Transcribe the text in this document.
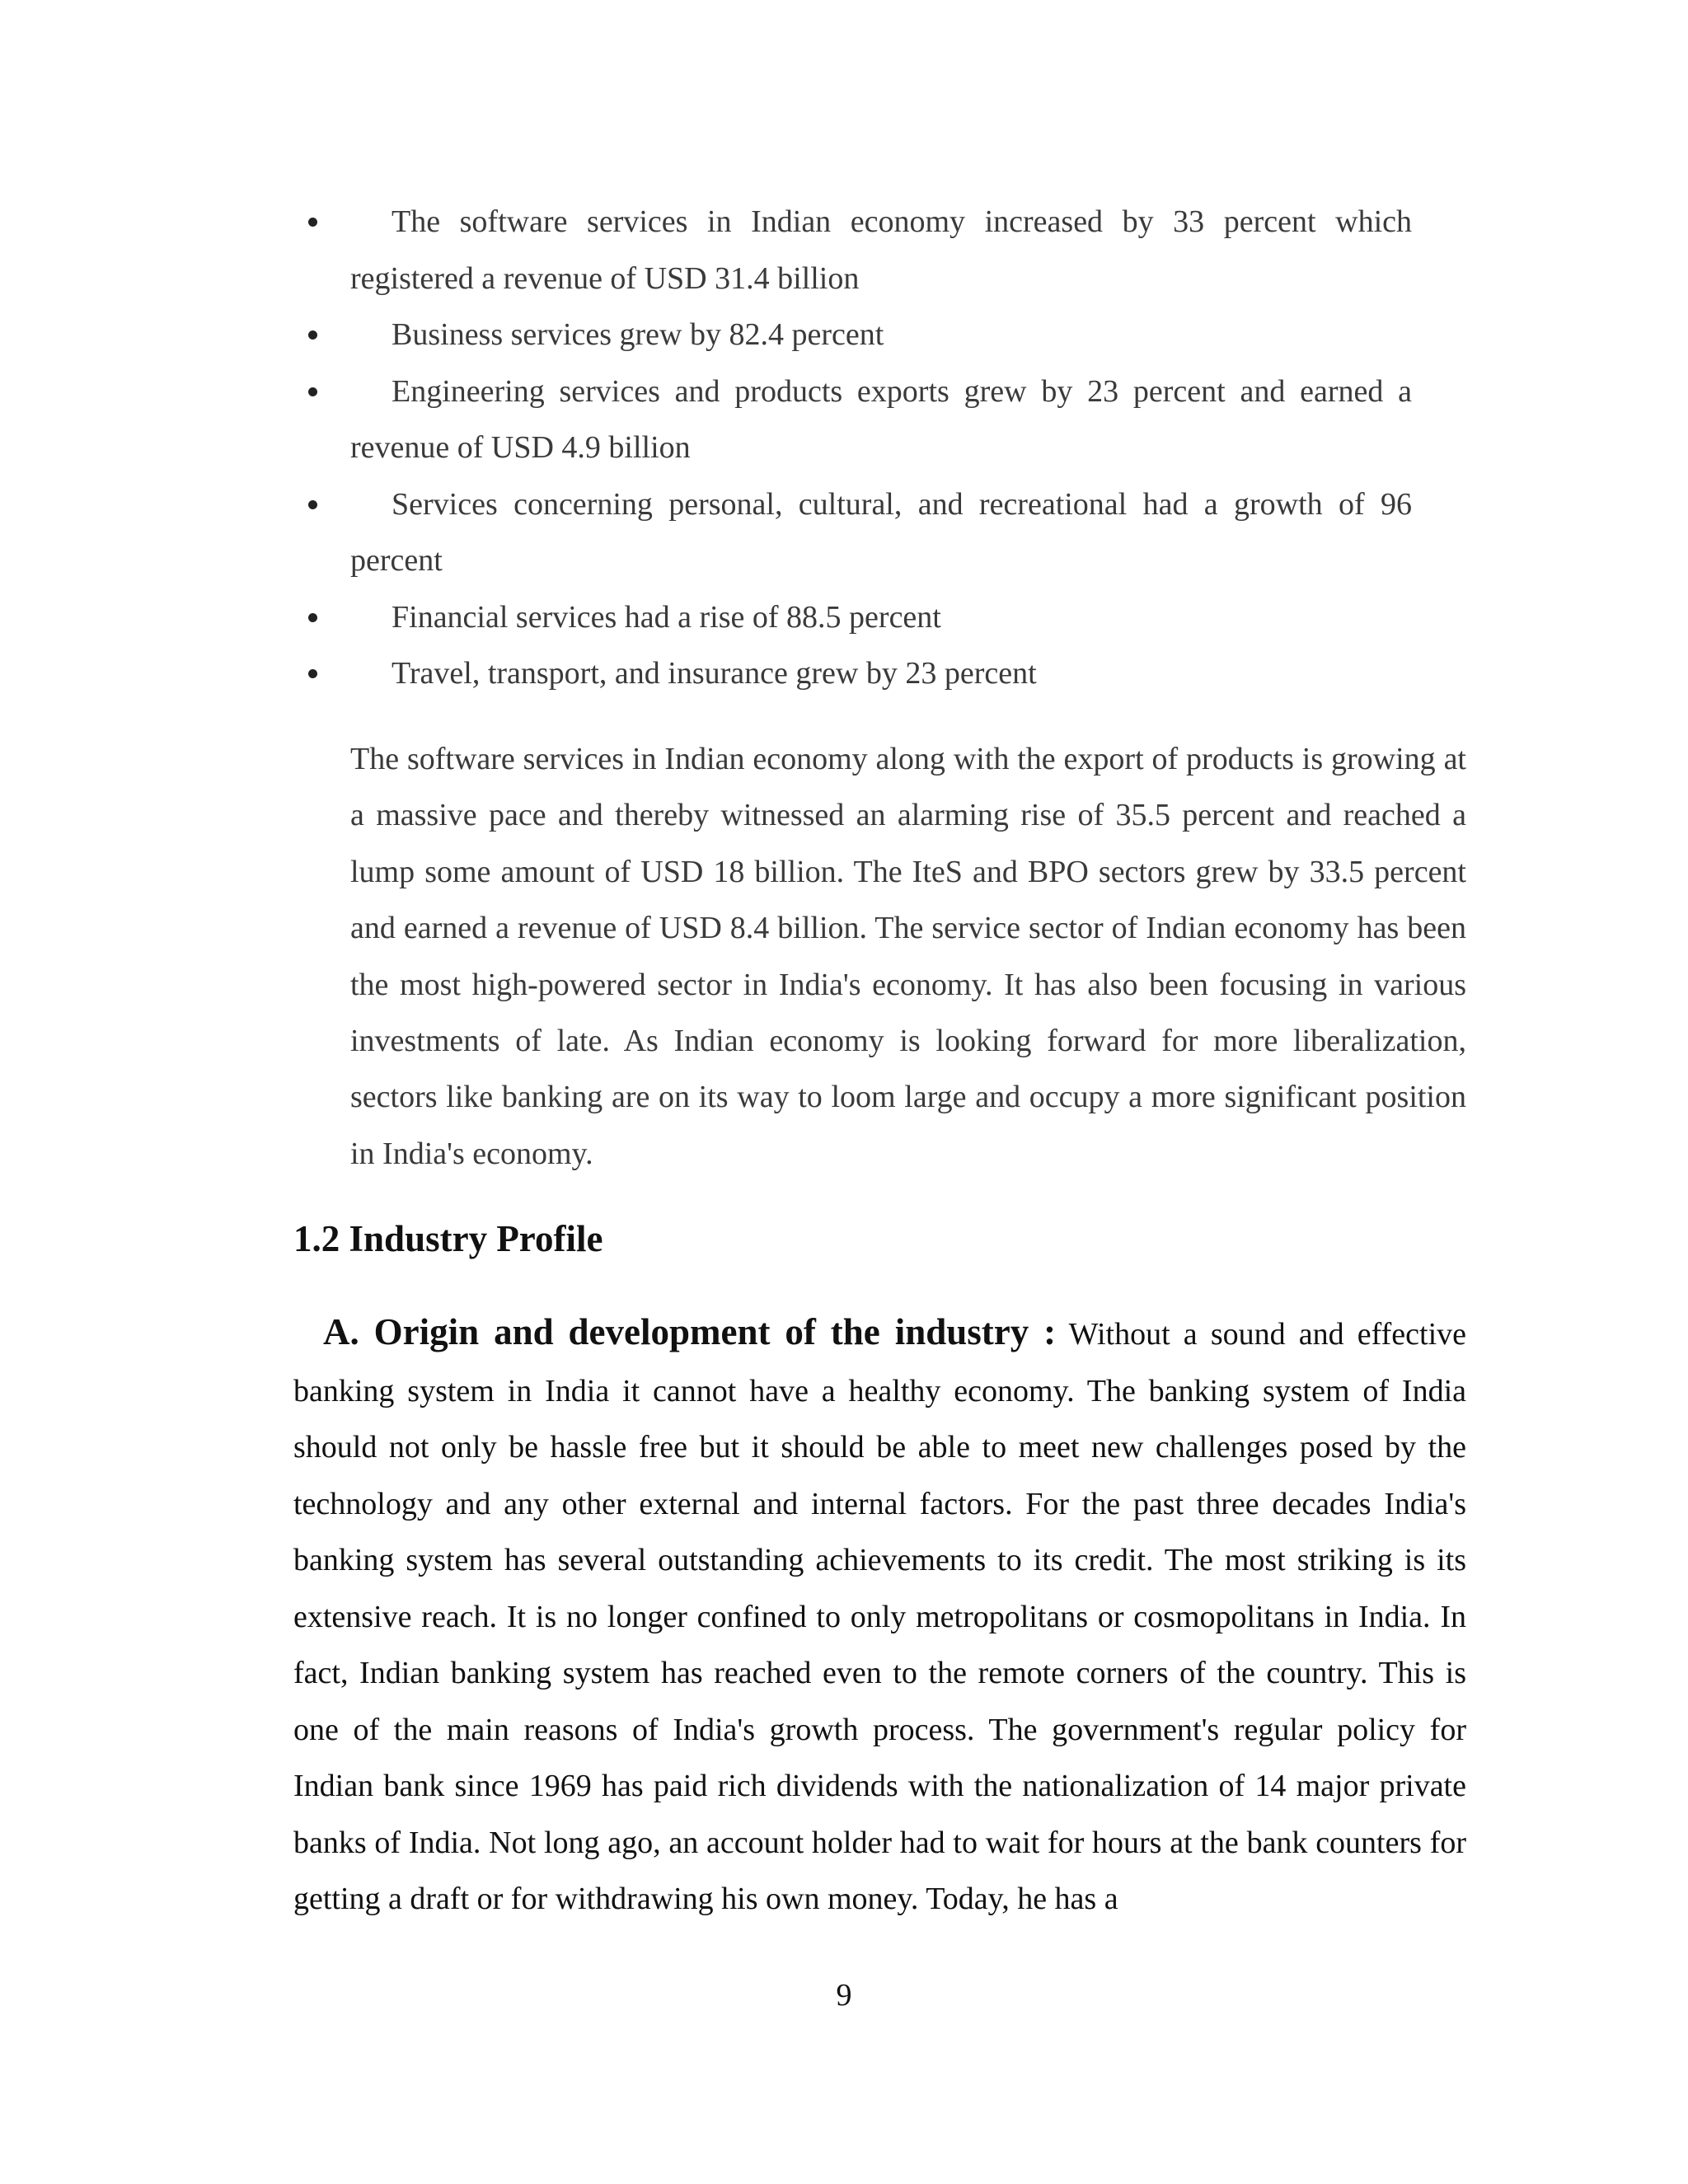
The software services in Indian economy increased by 33 percent which registered a revenue of USD 31.4 billion
Business services grew by 82.4 percent
Engineering services and products exports grew by 23 percent and earned a revenue of USD 4.9 billion
Services concerning personal, cultural, and recreational had a growth of 96 percent
Financial services had a rise of 88.5 percent
Travel, transport, and insurance grew by 23 percent

The software services in Indian economy along with the export of products is growing at a massive pace and thereby witnessed an alarming rise of 35.5 percent and reached a lump some amount of USD 18 billion. The IteS and BPO sectors grew by 33.5 percent and earned a revenue of USD 8.4 billion. The service sector of Indian economy has been the most high-powered sector in India's economy. It has also been focusing in various investments of late. As Indian economy is looking forward for more liberalization, sectors like banking are on its way to loom large and occupy a more significant position in India's economy.

1.2 Industry Profile

A. Origin and development of the industry : Without a sound and effective banking system in India it cannot have a healthy economy. The banking system of India should not only be hassle free but it should be able to meet new challenges posed by the technology and any other external and internal factors. For the past three decades India's banking system has several outstanding achievements to its credit. The most striking is its extensive reach. It is no longer confined to only metropolitans or cosmopolitans in India. In fact, Indian banking system has reached even to the remote corners of the country. This is one of the main reasons of India's growth process. The government's regular policy for Indian bank since 1969 has paid rich dividends with the nationalization of 14 major private banks of India. Not long ago, an account holder had to wait for hours at the bank counters for getting a draft or for withdrawing his own money. Today, he has a

9
